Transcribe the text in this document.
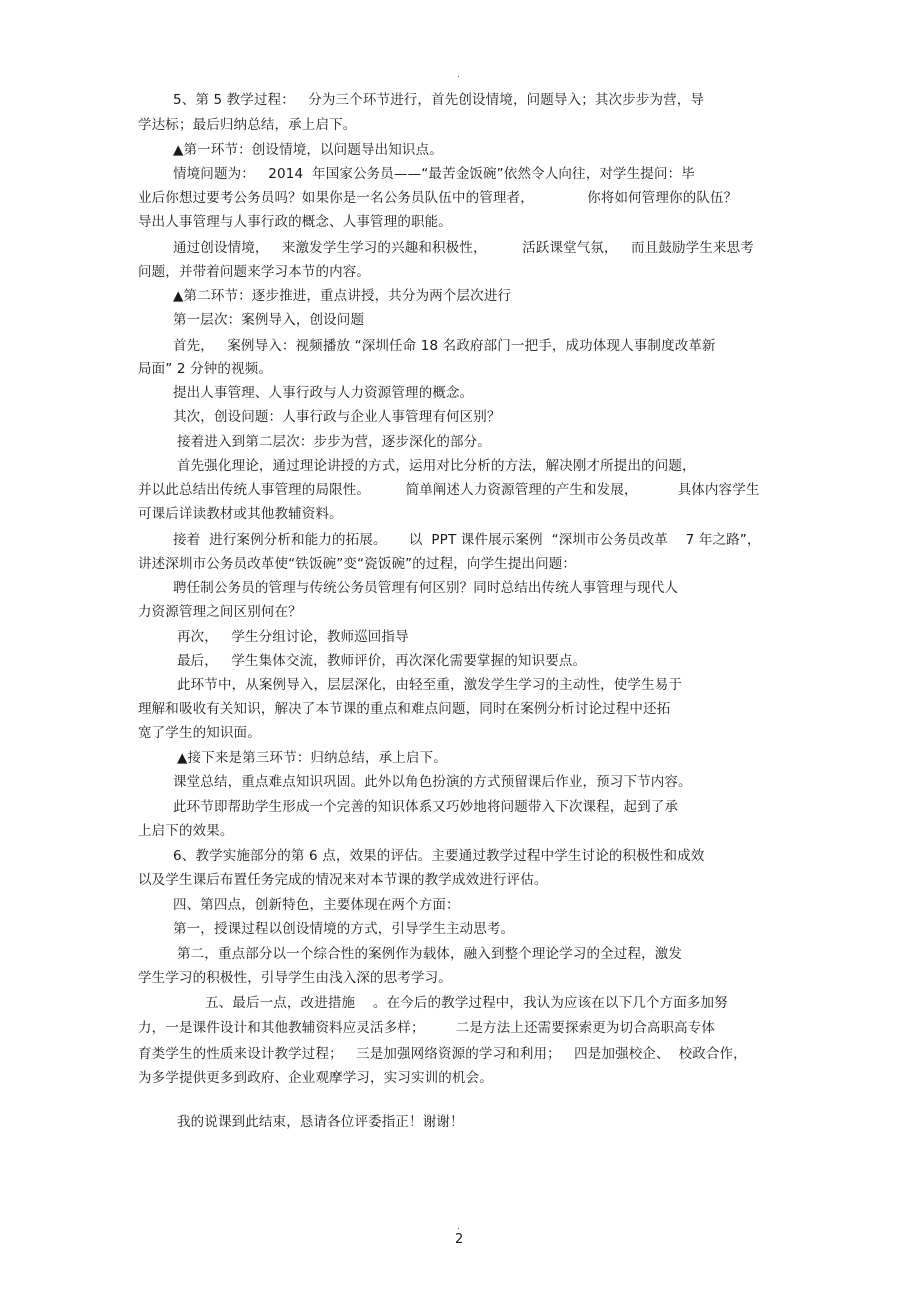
.

5、第 5 教学过程：   分为三个环节进行，首先创设情境，问题导入；其次步步为营，导

学达标；最后归纳总结，承上启下。

▲第一环节：创设情境，以问题导出知识点。

情境问题为：   2014  年国家公务员——“最苦金饭碗”依然令人向往，对学生提问：毕

业后你想过要考公务员吗？如果你是一名公务员队伍中的管理者，            你将如何管理你的队伍？

导出人事管理与人事行政的概念、人事管理的职能。

通过创设情境，   来激发学生学习的兴趣和积极性，        活跃课堂气氛，   而且鼓励学生来思考

问题，并带着问题来学习本节的内容。

▲第二环节：逐步推进，重点讲授，共分为两个层次进行

第一层次：案例导入，创设问题

首先，   案例导入：视频播放 “深圳任命 18 名政府部门一把手，成功体现人事制度改革新

局面” 2 分钟的视频。

提出人事管理、人事行政与人力资源管理的概念。

其次，创设问题：人事行政与企业人事管理有何区别？

接着进入到第二层次：步步为营，逐步深化的部分。

首先强化理论，通过理论讲授的方式，运用对比分析的方法，解决刚才所提出的问题，

并以此总结出传统人事管理的局限性。        简单阐述人力资源管理的产生和发展，         具体内容学生

可课后详读教材或其他教辅资料。

接着  进行案例分析和能力的拓展。     以  PPT 课件展示案例  “深圳市公务员改革    7 年之路”，

讲述深圳市公务员改革使“铁饭碗”变“瓷饭碗”的过程，向学生提出问题：

聘任制公务员的管理与传统公务员管理有何区别？同时总结出传统人事管理与现代人

力资源管理之间区别何在？

再次，   学生分组讨论，教师巡回指导

最后，   学生集体交流，教师评价，再次深化需要掌握的知识要点。

此环节中，从案例导入，层层深化，由轻至重，激发学生学习的主动性，使学生易于

理解和吸收有关知识，解决了本节课的重点和难点问题，同时在案例分析讨论过程中还拓

宽了学生的知识面。

▲接下来是第三环节：归纳总结，承上启下。

课堂总结，重点难点知识巩固。此外以角色扮演的方式预留课后作业，预习下节内容。

此环节即帮助学生形成一个完善的知识体系又巧妙地将问题带入下次课程，起到了承

上启下的效果。

6、教学实施部分的第 6 点，效果的评估。主要通过教学过程中学生讨论的积极性和成效

以及学生课后布置任务完成的情况来对本节课的教学成效进行评估。

四、第四点，创新特色，主要体现在两个方面：

第一，授课过程以创设情境的方式，引导学生主动思考。

第二，重点部分以一个综合性的案例作为载体，融入到整个理论学习的全过程，激发

学生学习的积极性，引导学生由浅入深的思考学习。

五、最后一点，改进措施    。在今后的教学过程中，我认为应该在以下几个方面多加努

力，一是课件设计和其他教辅资料应灵活多样；       二是方法上还需要探索更为切合高职高专体

育类学生的性质来设计教学过程；   三是加强网络资源的学习和利用；   四是加强校企、  校政合作，

为多学提供更多到政府、企业观摩学习，实习实训的机会。

我的说课到此结束，恳请各位评委指正！谢谢！

.
2
